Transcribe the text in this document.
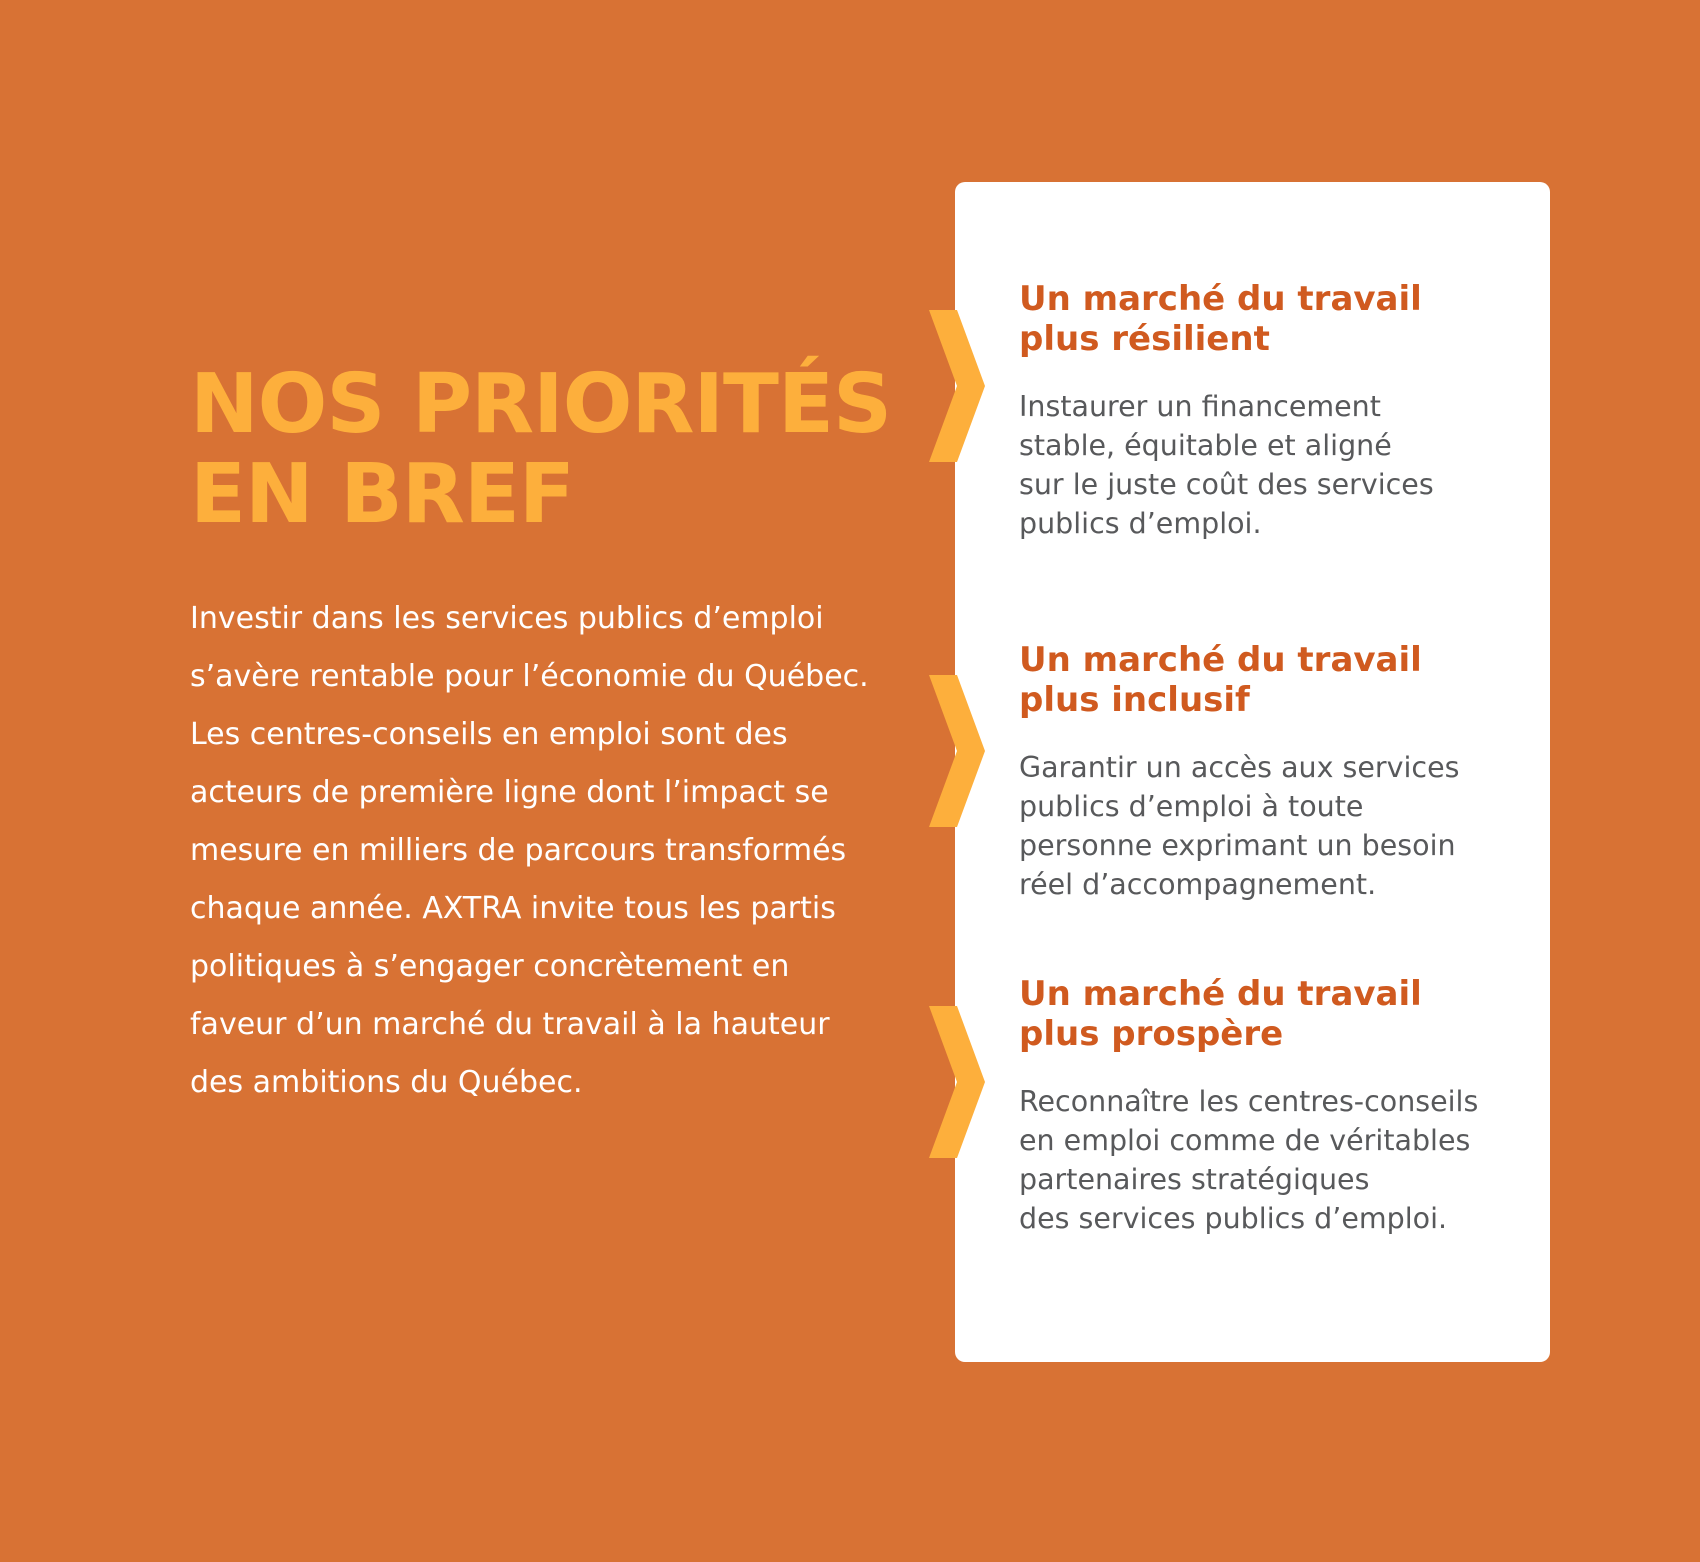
NOS PRIORITÉS
EN BREF

Investir dans les services publics d’emploi s’avère rentable pour l’économie du Québec. Les centres-conseils en emploi sont des acteurs de première ligne dont l’impact se mesure en milliers de parcours transformés chaque année. AXTRA invite tous les partis politiques à s’engager concrètement en faveur d’un marché du travail à la hauteur des ambitions du Québec.

Un marché du travail
plus résilient

Instaurer un financement
stable, équitable et aligné
sur le juste coût des services
publics d’emploi.

Un marché du travail
plus inclusif

Garantir un accès aux services
publics d’emploi à toute
personne exprimant un besoin
réel d’accompagnement.

Un marché du travail
plus prospère

Reconnaître les centres-conseils
en emploi comme de véritables
partenaires stratégiques
des services publics d’emploi.
